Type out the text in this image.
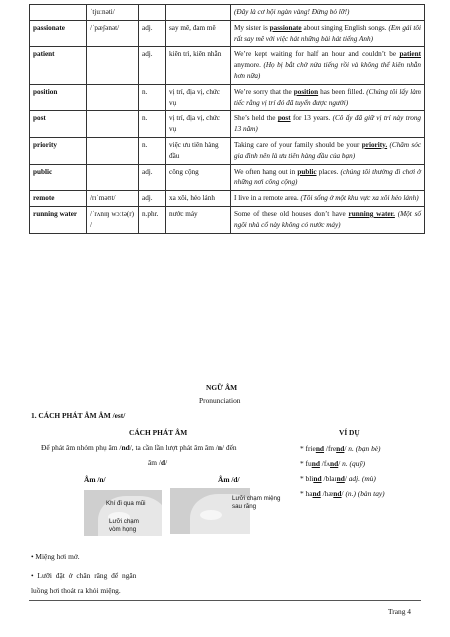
	ˈtjuːnəti/			(Đây là cơ hội ngàn vàng! Đừng bỏ lỡ!)
passionate	/ˈpæʃənət/	adj.	say mê, đam mê	My sister is passionate about singing English songs. (Em gái tôi rất say mê với việc hát những bài hát tiếng Anh)
patient		adj.	kiên trì, kiên nhẫn	We’re kept waiting for half an hour and couldn’t be patient anymore. (Họ bị bắt chờ nửa tiếng rồi và không thể kiên nhẫn hơn nữa)
position		n.	vị trí, địa vị, chức vụ	We’re sorry that the position has been filled. (Chúng tôi lấy làm tiếc rằng vị trí đó đã tuyển được người)
post		n.	vị trí, địa vị, chức vụ	She’s held the post for 13 years. (Cô ấy đã giữ vị trí này trong 13 năm)
priority		n.	việc ưu tiên hàng đầu	Taking care of your family should be your priority. (Chăm sóc gia đình nên là ưu tiên hàng đầu của bạn)
public		adj.	công cộng	We often hang out in public places. (chúng tôi thường đi chơi ở những nơi công cộng)
remote	/rɪˈməʊt/	adj.	xa xôi, hẻo lánh	I live in a remote area. (Tôi sống ở một khu vực xa xôi hẻo lánh)
running water	/ˈrʌnɪŋ wɔːtə(r) /	n.phr.	nước máy	Some of these old houses don’t have running water. (Một số ngôi nhà cổ này không có nước máy)
NGỮ ÂM
Pronunciation
1. CÁCH PHÁT ÂM ÂM /est/
CÁCH PHÁT ÂM	VÍ DỤ
Để phát âm nhóm phụ âm /nd/, ta cần lần lượt phát âm âm /n/ đến
âm /d/
Âm /n/	Âm /d/
Khí đi qua mũi
Lưỡi chạm
vòm họng
Lưỡi chạm miệng
sau răng
* friend /frend/ n. (bạn bè)
* fund /fʌnd/ n. (quỹ)
* blind /blaɪnd/ adj. (mù)
* hand /hænd/ (n.) (bàn tay)
• Miệng hơi mở.
• Lưỡi đặt ở chân răng để ngăn
luồng hơi thoát ra khỏi miệng.
Trang 4
